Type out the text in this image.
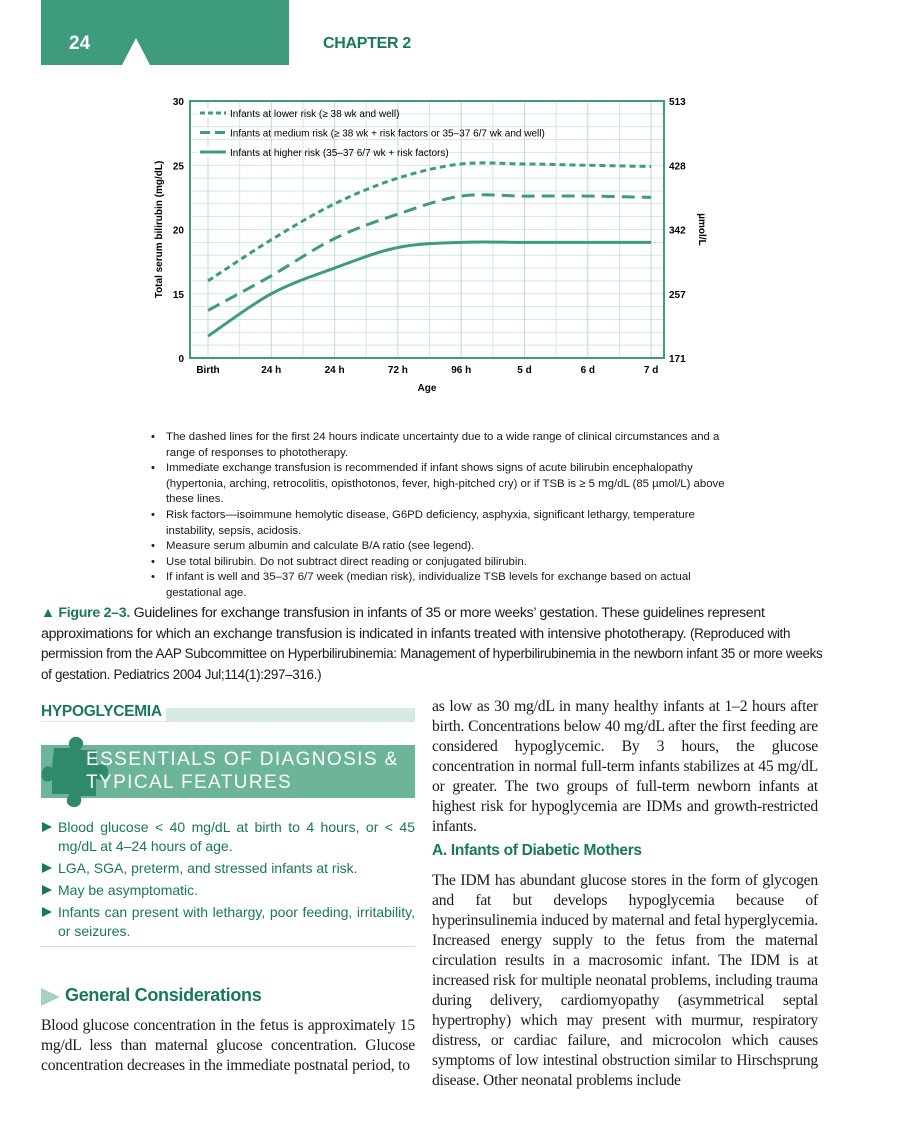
24	CHAPTER 2
0
15
20
25
30
171
257
342
428
513
Birth	24 h	24 h	72 h	96 h	5 d	6 d	7 d
Age
Total serum bilirubin (mg/dL)	µmol/L
Infants at lower risk (≥ 38 wk and well)
Infants at medium risk (≥ 38 wk + risk factors or 35–37 6/7 wk and well)
Infants at higher risk (35–37 6/7 wk + risk factors)
• The dashed lines for the first 24 hours indicate uncertainty due to a wide range of clinical circumstances and a range of responses to phototherapy.
• Immediate exchange transfusion is recommended if infant shows signs of acute bilirubin encephalopathy (hypertonia, arching, retrocolitis, opisthotonos, fever, high-pitched cry) or if TSB is ≥ 5 mg/dL (85 µmol/L) above these lines.
• Risk factors—isoimmune hemolytic disease, G6PD deficiency, asphyxia, significant lethargy, temperature instability, sepsis, acidosis.
• Measure serum albumin and calculate B/A ratio (see legend).
• Use total bilirubin. Do not subtract direct reading or conjugated bilirubin.
• If infant is well and 35–37 6/7 week (median risk), individualize TSB levels for exchange based on actual gestational age.
▲ Figure 2–3. Guidelines for exchange transfusion in infants of 35 or more weeks’ gestation. These guidelines represent approximations for which an exchange transfusion is indicated in infants treated with intensive phototherapy. (Reproduced with permission from the AAP Subcommittee on Hyperbilirubinemia: Management of hyperbilirubinemia in the newborn infant 35 or more weeks of gestation. Pediatrics 2004 Jul;114(1):297–316.)
HYPOGLYCEMIA
ESSENTIALS OF DIAGNOSIS &
TYPICAL FEATURES
Blood glucose < 40 mg/dL at birth to 4 hours, or < 45 mg/dL at 4–24 hours of age.
LGA, SGA, preterm, and stressed infants at risk.
May be asymptomatic.
Infants can present with lethargy, poor feeding, irritability, or seizures.
General Considerations
Blood glucose concentration in the fetus is approximately 15 mg/dL less than maternal glucose concentration. Glucose concentration decreases in the immediate postnatal period, to
as low as 30 mg/dL in many healthy infants at 1–2 hours after birth. Concentrations below 40 mg/dL after the first feeding are considered hypoglycemic. By 3 hours, the glucose concentration in normal full-term infants stabilizes at 45 mg/dL or greater. The two groups of full-term newborn infants at highest risk for hypoglycemia are IDMs and growth-restricted infants.
A. Infants of Diabetic Mothers
The IDM has abundant glucose stores in the form of glycogen and fat but develops hypoglycemia because of hyperinsulinemia induced by maternal and fetal hyperglycemia. Increased energy supply to the fetus from the maternal circulation results in a macrosomic infant. The IDM is at increased risk for multiple neonatal problems, including trauma during delivery, cardiomyopathy (asymmetrical septal hypertrophy) which may present with murmur, respiratory distress, or cardiac failure, and microcolon which causes symptoms of low intestinal obstruction similar to Hirschsprung disease. Other neonatal problems include
